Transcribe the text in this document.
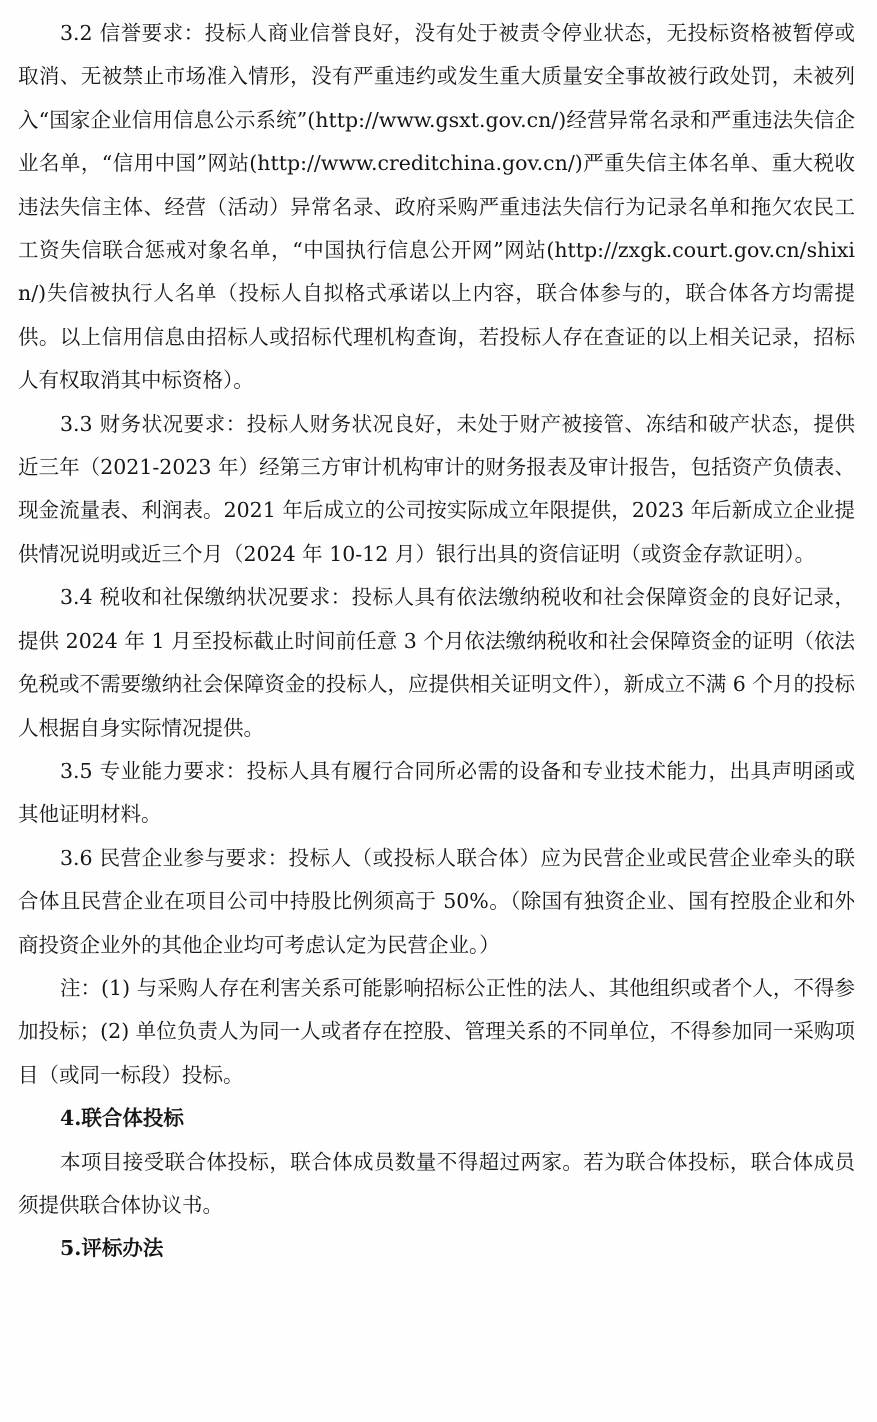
3.2 信誉要求：投标人商业信誉良好，没有处于被责令停业状态，无投标资格被暂停或取消、无被禁止市场准入情形，没有严重违约或发生重大质量安全事故被行政处罚，未被列入“国家企业信用信息公示系统”(http://www.gsxt.gov.cn/)经营异常名录和严重违法失信企业名单，“信用中国”网站(http://www.creditchina.gov.cn/)严重失信主体名单、重大税收违法失信主体、经营（活动）异常名录、政府采购严重违法失信行为记录名单和拖欠农民工工资失信联合惩戒对象名单，“中国执行信息公开网”网站(http://zxgk.court.gov.cn/shixin/)失信被执行人名单（投标人自拟格式承诺以上内容，联合体参与的，联合体各方均需提供。以上信用信息由招标人或招标代理机构查询，若投标人存在查证的以上相关记录，招标人有权取消其中标资格）。

3.3 财务状况要求：投标人财务状况良好，未处于财产被接管、冻结和破产状态，提供近三年（2021-2023 年）经第三方审计机构审计的财务报表及审计报告，包括资产负债表、现金流量表、利润表。2021 年后成立的公司按实际成立年限提供，2023 年后新成立企业提供情况说明或近三个月（2024 年 10-12 月）银行出具的资信证明（或资金存款证明）。

3.4 税收和社保缴纳状况要求：投标人具有依法缴纳税收和社会保障资金的良好记录，提供 2024 年 1 月至投标截止时间前任意 3 个月依法缴纳税收和社会保障资金的证明（依法免税或不需要缴纳社会保障资金的投标人，应提供相关证明文件），新成立不满 6 个月的投标人根据自身实际情况提供。

3.5 专业能力要求：投标人具有履行合同所必需的设备和专业技术能力，出具声明函或其他证明材料。

3.6 民营企业参与要求：投标人（或投标人联合体）应为民营企业或民营企业牵头的联合体且民营企业在项目公司中持股比例须高于 50%。（除国有独资企业、国有控股企业和外商投资企业外的其他企业均可考虑认定为民营企业。）

注：(1) 与采购人存在利害关系可能影响招标公正性的法人、其他组织或者个人，不得参加投标；(2) 单位负责人为同一人或者存在控股、管理关系的不同单位，不得参加同一采购项目（或同一标段）投标。

4.联合体投标

本项目接受联合体投标，联合体成员数量不得超过两家。若为联合体投标，联合体成员须提供联合体协议书。

5.评标办法
